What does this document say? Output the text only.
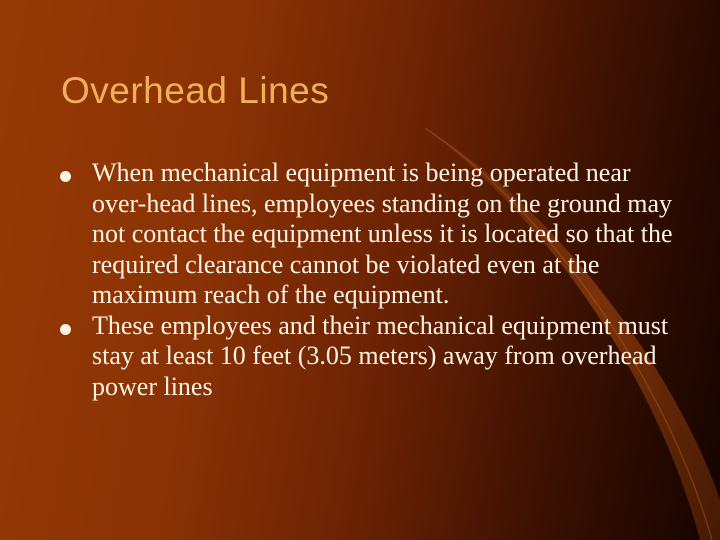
Overhead Lines
When mechanical equipment is being operated near over-head lines, employees standing on the ground may not contact the equipment unless it is located so that the required clearance cannot be violated even at the maximum reach of the equipment.
These employees and their mechanical equipment must stay at least 10 feet (3.05 meters) away from overhead power lines
